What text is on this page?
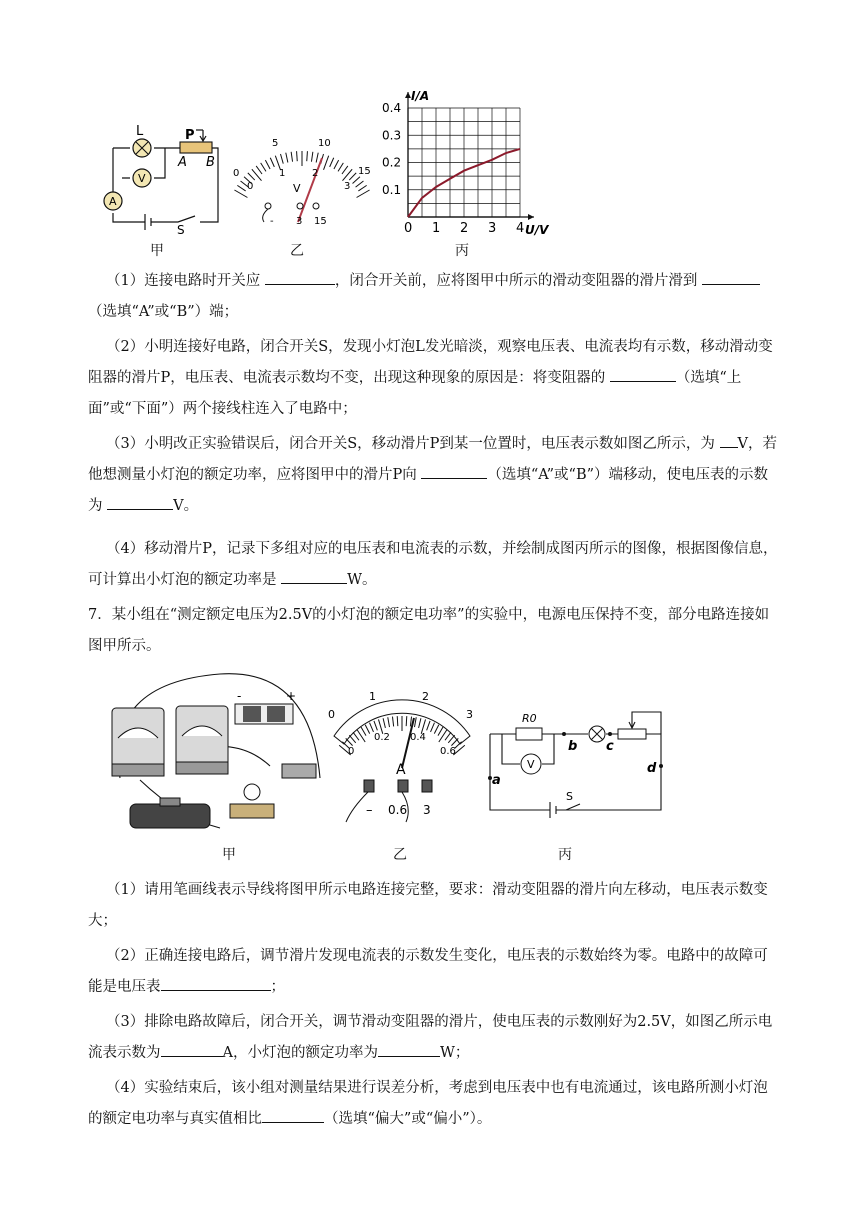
L	P
A B
V
A
S
甲
0
5	10
15
0
1	2
3
V
- 3 15
乙
0 1 2 3 4
0.1
0.2
0.3
0.4
I/A
U/V
丙

（1）连接电路时开关应	，闭合开关前，应将图甲中所示的滑动变阻器的滑片滑到 （选填“A”或“B”）端；

（2）小明连接好电路，闭合开关S，发现小灯泡L发光暗淡，观察电压表、电流表均有示数，移动滑动变阻器的滑片P，电压表、电流表示数均不变，出现这种现象的原因是：将变阻器的	（选填“上面”或“下面”）两个接线柱连入了电路中；

（3）小明改正实验错误后，闭合开关S，移动滑片P到某一位置时，电压表示数如图乙所示，为 V，若他想测量小灯泡的额定功率，应将图甲中的滑片P向	（选填“A”或“B”）端移动，使电压表的示数为	V。

（4）移动滑片P，记录下多组对应的电压表和电流表的示数，并绘制成图丙所示的图像，根据图像信息，可计算出小灯泡的额定功率是	W。

7．某小组在“测定额定电压为2.5V的小灯泡的额定电功率”的实验中，电源电压保持不变，部分电路连接如图甲所示。

-	+
甲
0
1	2
3
0
0.2 0.4
0.6
A
– 0.6 3
乙
R0
V
a
b c
d
S
丙

（1）请用笔画线表示导线将图甲所示电路连接完整，要求：滑动变阻器的滑片向左移动，电压表示数变大；

（2）正确连接电路后，调节滑片发现电流表的示数发生变化，电压表的示数始终为零。电路中的故障可能是电压表	；

（3）排除电路故障后，闭合开关，调节滑动变阻器的滑片，使电压表的示数刚好为2.5V，如图乙所示电流表示数为	A，小灯泡的额定功率为	W；

（4）实验结束后，该小组对测量结果进行误差分析，考虑到电压表中也有电流通过，该电路所测小灯泡的额定电功率与真实值相比	（选填“偏大”或“偏小”）。
